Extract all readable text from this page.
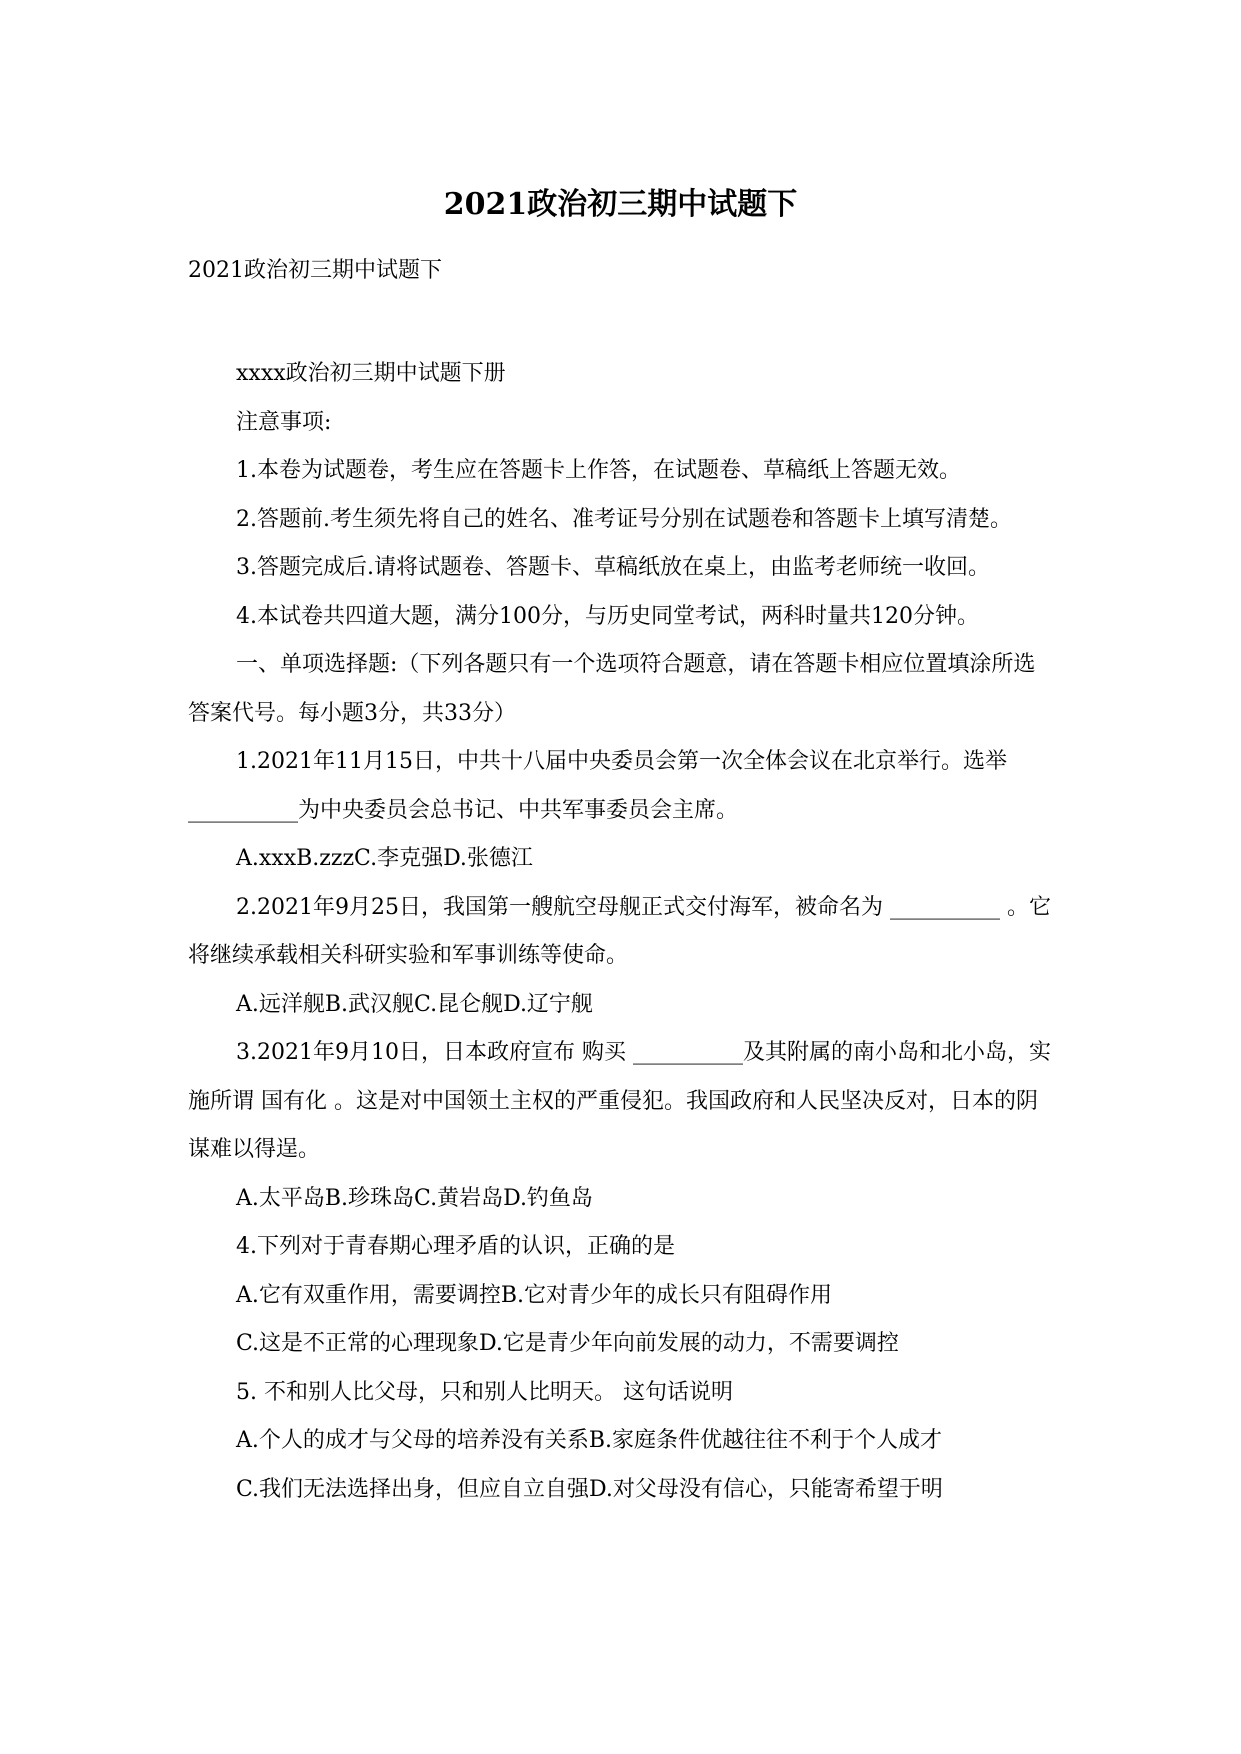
2021政治初三期中试题下
2021政治初三期中试题下

xxxx政治初三期中试题下册

注意事项:

1.本卷为试题卷，考生应在答题卡上作答，在试题卷、草稿纸上答题无效。

2.答题前.考生须先将自己的姓名、准考证号分别在试题卷和答题卡上填写清楚。

3.答题完成后.请将试题卷、答题卡、草稿纸放在桌上，由监考老师统一收回。

4.本试卷共四道大题，满分100分，与历史同堂考试，两科时量共120分钟。

一、单项选择题:（下列各题只有一个选项符合题意，请在答题卡相应位置填涂所选答案代号。每小题3分，共33分）

1.2021年11月15日，中共十八届中央委员会第一次全体会议在北京举行。选举__________为中央委员会总书记、中共军事委员会主席。

A.xxxB.zzzC.李克强D.张德江

2.2021年9月25日，我国第一艘航空母舰正式交付海军，被命名为 __________ 。它将继续承载相关科研实验和军事训练等使命。

A.远洋舰B.武汉舰C.昆仑舰D.辽宁舰

3.2021年9月10日，日本政府宣布 购买 __________及其附属的南小岛和北小岛，实施所谓 国有化 。这是对中国领土主权的严重侵犯。我国政府和人民坚决反对，日本的阴谋难以得逞。

A.太平岛B.珍珠岛C.黄岩岛D.钓鱼岛

4.下列对于青春期心理矛盾的认识，正确的是

A.它有双重作用，需要调控B.它对青少年的成长只有阻碍作用

C.这是不正常的心理现象D.它是青少年向前发展的动力，不需要调控

5. 不和别人比父母，只和别人比明天。 这句话说明

A.个人的成才与父母的培养没有关系B.家庭条件优越往往不利于个人成才

C.我们无法选择出身，但应自立自强D.对父母没有信心，只能寄希望于明
